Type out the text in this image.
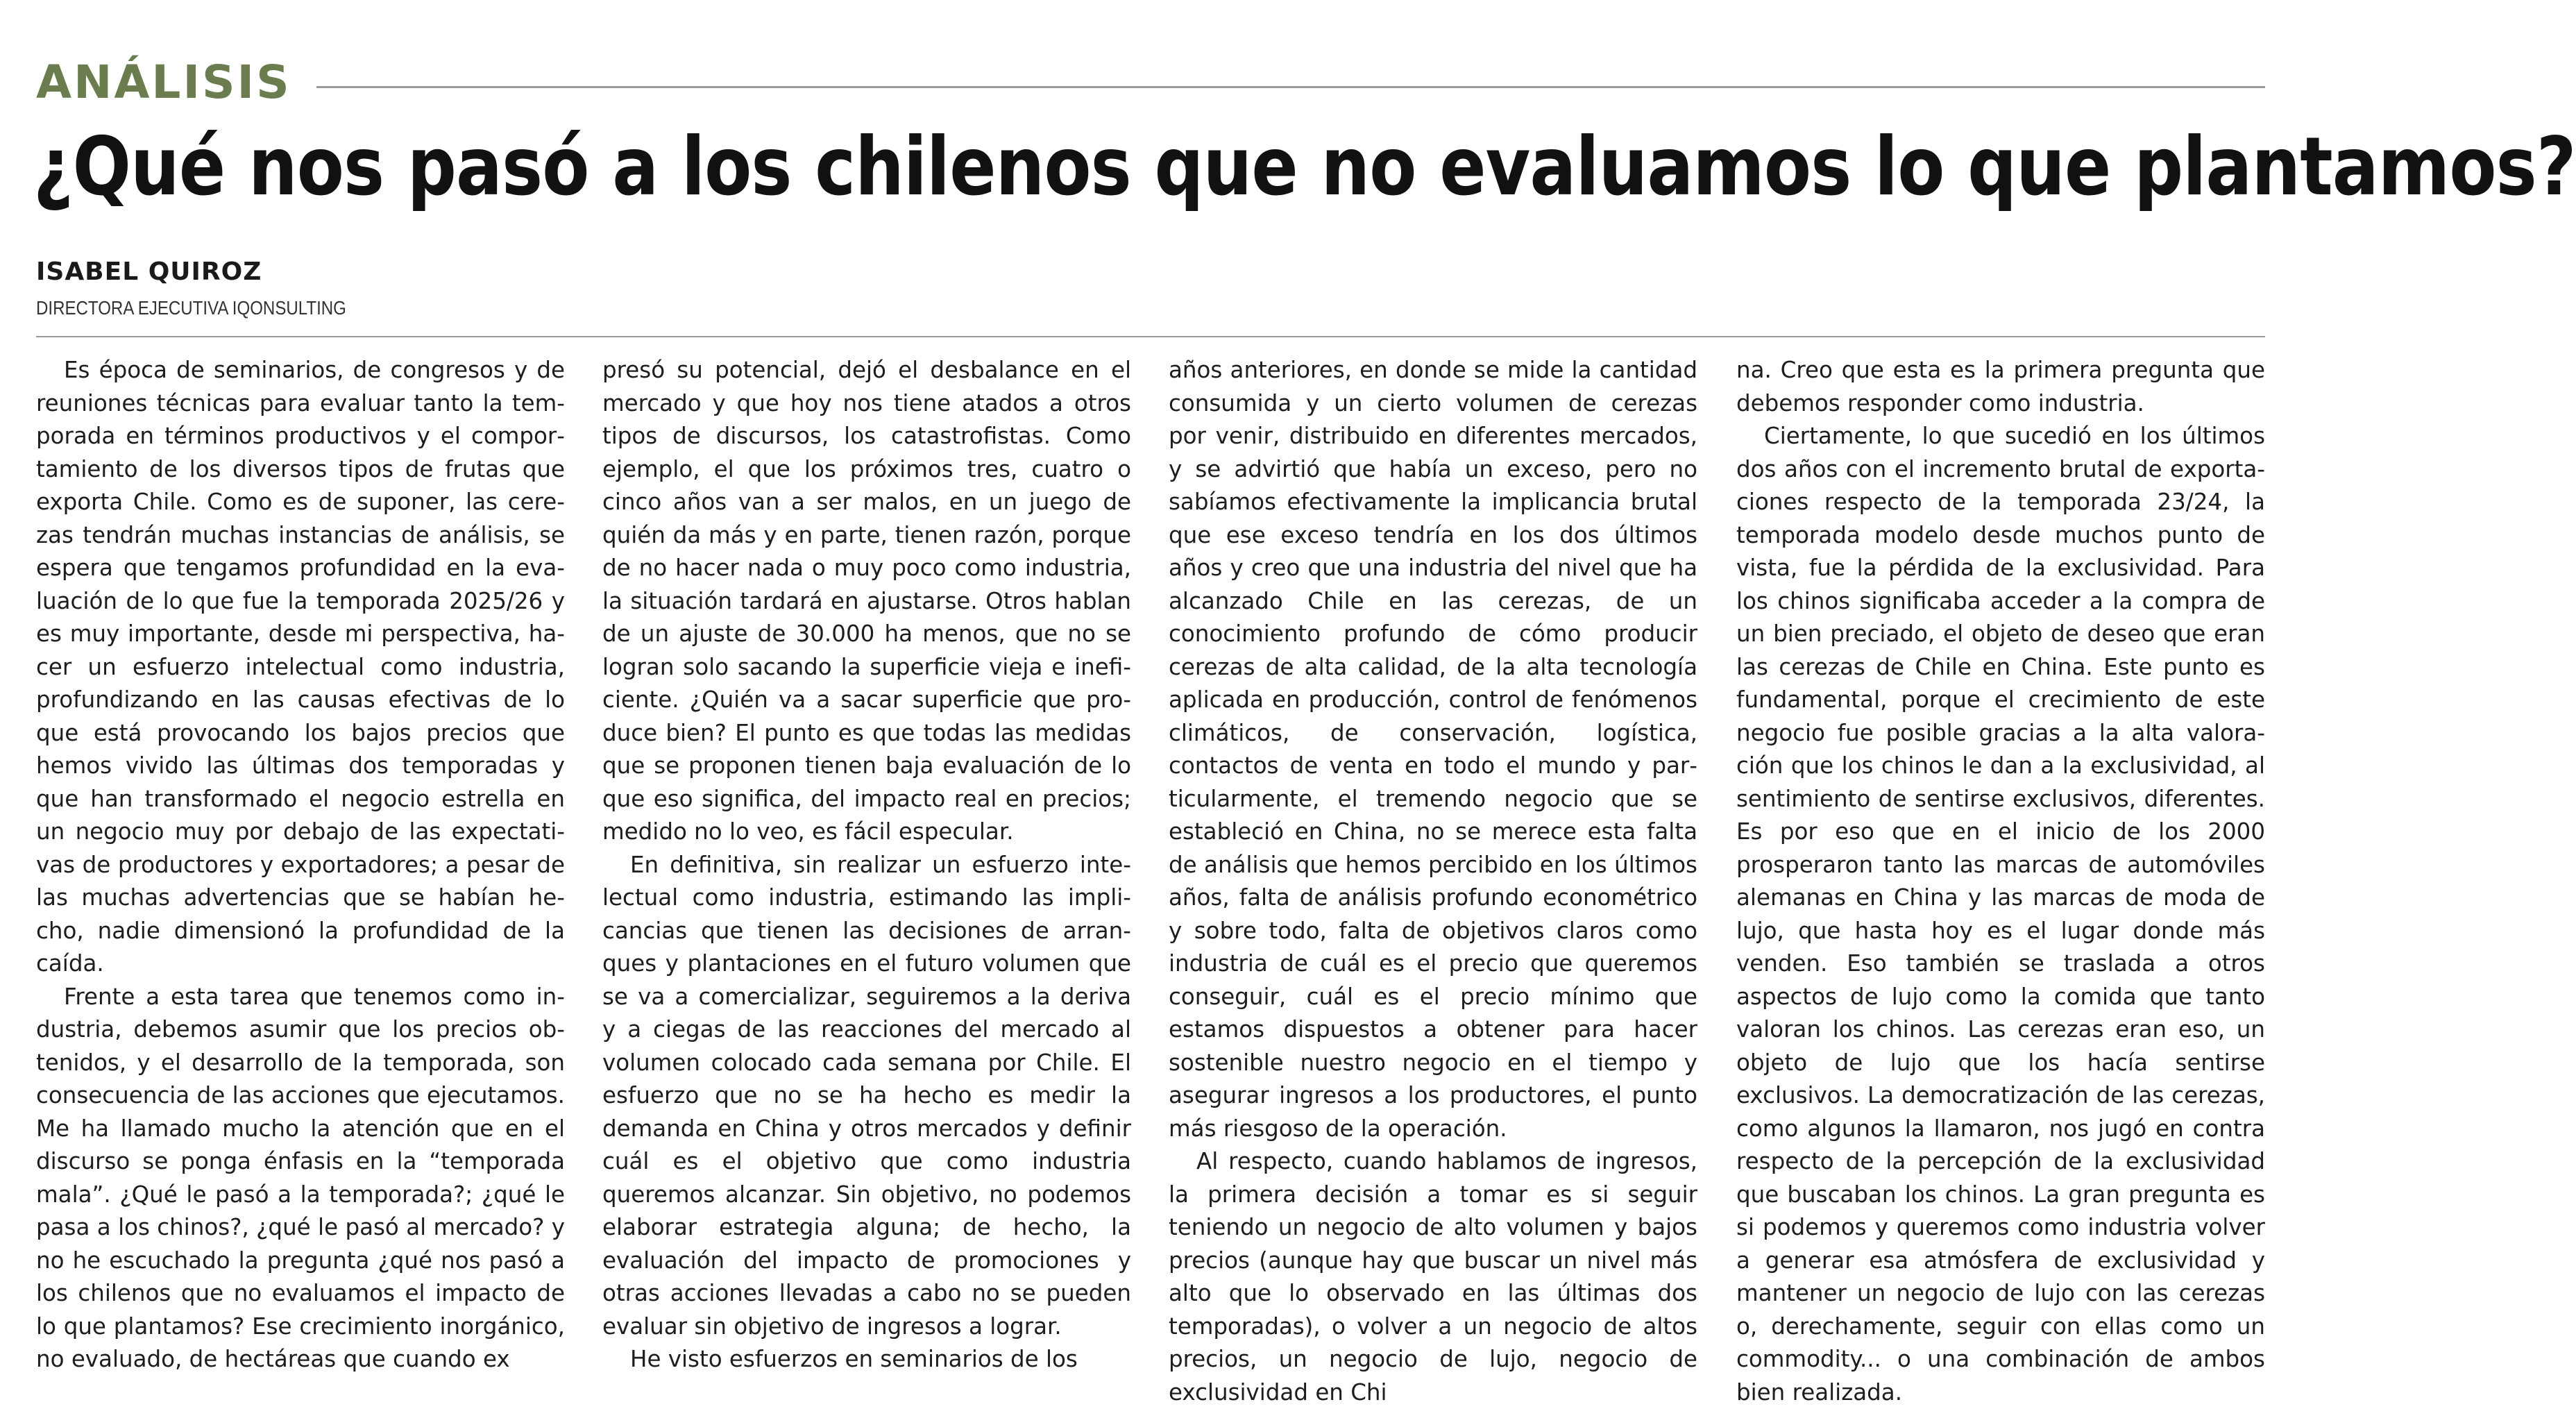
ANÁLISIS
¿Qué nos pasó a los chilenos que no evaluamos lo que plantamos?
ISABEL QUIROZ
DIRECTORA EJECUTIVA IQONSULTING

Es época de seminarios, de congresos y de reuniones técnicas para evaluar tanto la temporada en términos productivos y el comportamiento de los diversos tipos de frutas que exporta Chile. Como es de suponer, las cerezas tendrán muchas instancias de análisis, se espera que tengamos profundidad en la evaluación de lo que fue la temporada 2025/26 y es muy importante, desde mi perspectiva, hacer un esfuerzo intelectual como industria, profundizando en las causas efectivas de lo que está provocando los bajos precios que hemos vivido las últimas dos temporadas y que han transformado el negocio estrella en un negocio muy por debajo de las expectativas de productores y exportadores; a pesar de las muchas advertencias que se habían hecho, nadie dimensionó la profundidad de la caída.

Frente a esta tarea que tenemos como industria, debemos asumir que los precios obtenidos, y el desarrollo de la temporada, son consecuencia de las acciones que ejecutamos. Me ha llamado mucho la atención que en el discurso se ponga énfasis en la “temporada mala”. ¿Qué le pasó a la temporada?; ¿qué le pasa a los chinos?, ¿qué le pasó al mercado? y no he escuchado la pregunta ¿qué nos pasó a los chilenos que no evaluamos el impacto de lo que plantamos? Ese crecimiento inorgánico, no evaluado, de hectáreas que cuando ex

presó su potencial, dejó el desbalance en el mercado y que hoy nos tiene atados a otros tipos de discursos, los catastrofistas. Como ejemplo, el que los próximos tres, cuatro o cinco años van a ser malos, en un juego de quién da más y en parte, tienen razón, porque de no hacer nada o muy poco como industria, la situación tardará en ajustarse. Otros hablan de un ajuste de 30.000 ha menos, que no se logran solo sacando la superficie vieja e ineficiente. ¿Quién va a sacar superficie que produce bien? El punto es que todas las medidas que se proponen tienen baja evaluación de lo que eso significa, del impacto real en precios; medido no lo veo, es fácil especular.

En definitiva, sin realizar un esfuerzo intelectual como industria, estimando las implicancias que tienen las decisiones de arranques y plantaciones en el futuro volumen que se va a comercializar, seguiremos a la deriva y a ciegas de las reacciones del mercado al volumen colocado cada semana por Chile. El esfuerzo que no se ha hecho es medir la demanda en China y otros mercados y definir cuál es el objetivo que como industria queremos alcanzar. Sin objetivo, no podemos elaborar estrategia alguna; de hecho, la evaluación del impacto de promociones y otras acciones llevadas a cabo no se pueden evaluar sin objetivo de ingresos a lograr.

He visto esfuerzos en seminarios de los

años anteriores, en donde se mide la cantidad consumida y un cierto volumen de cerezas por venir, distribuido en diferentes mercados, y se advirtió que había un exceso, pero no sabíamos efectivamente la implicancia brutal que ese exceso tendría en los dos últimos años y creo que una industria del nivel que ha alcanzado Chile en las cerezas, de un conocimiento profundo de cómo producir cerezas de alta calidad, de la alta tecnología aplicada en producción, control de fenómenos climáticos, de conservación, logística, contactos de venta en todo el mundo y particularmente, el tremendo negocio que se estableció en China, no se merece esta falta de análisis que hemos percibido en los últimos años, falta de análisis profundo econométrico y sobre todo, falta de objetivos claros como industria de cuál es el precio que queremos conseguir, cuál es el precio mínimo que estamos dispuestos a obtener para hacer sostenible nuestro negocio en el tiempo y asegurar ingresos a los productores, el punto más riesgoso de la operación.

Al respecto, cuando hablamos de ingresos, la primera decisión a tomar es si seguir teniendo un negocio de alto volumen y bajos precios (aunque hay que buscar un nivel más alto que lo observado en las últimas dos temporadas), o volver a un negocio de altos precios, un negocio de lujo, negocio de exclusividad en Chi

na. Creo que esta es la primera pregunta que debemos responder como industria.

Ciertamente, lo que sucedió en los últimos dos años con el incremento brutal de exportaciones respecto de la temporada 23/24, la temporada modelo desde muchos punto de vista, fue la pérdida de la exclusividad. Para los chinos significaba acceder a la compra de un bien preciado, el objeto de deseo que eran las cerezas de Chile en China. Este punto es fundamental, porque el crecimiento de este negocio fue posible gracias a la alta valoración que los chinos le dan a la exclusividad, al sentimiento de sentirse exclusivos, diferentes. Es por eso que en el inicio de los 2000 prosperaron tanto las marcas de automóviles alemanas en China y las marcas de moda de lujo, que hasta hoy es el lugar donde más venden. Eso también se traslada a otros aspectos de lujo como la comida que tanto valoran los chinos. Las cerezas eran eso, un objeto de lujo que los hacía sentirse exclusivos. La democratización de las cerezas, como algunos la llamaron, nos jugó en contra respecto de la percepción de la exclusividad que buscaban los chinos. La gran pregunta es si podemos y queremos como industria volver a generar esa atmósfera de exclusividad y mantener un negocio de lujo con las cerezas o, derechamente, seguir con ellas como un commodity... o una combinación de ambos bien realizada.
